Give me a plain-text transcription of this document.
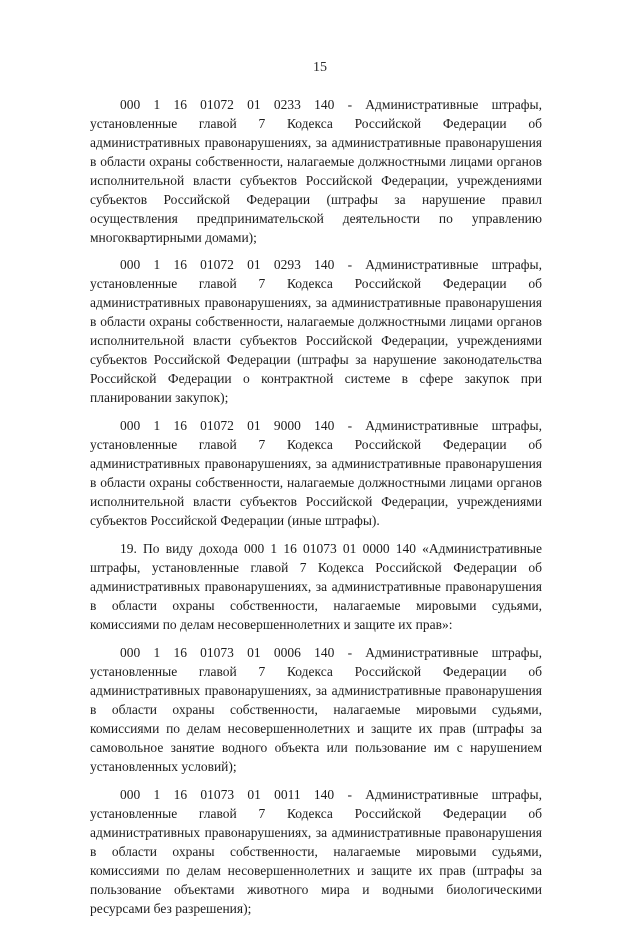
15

000 1 16 01072 01 0233 140 - Административные штрафы, установленные главой 7 Кодекса Российской Федерации об административных правонарушениях, за административные правонарушения в области охраны собственности, налагаемые должностными лицами органов исполнительной власти субъектов Российской Федерации, учреждениями субъектов Российской Федерации (штрафы за нарушение правил осуществления предпринимательской деятельности по управлению многоквартирными домами);

000 1 16 01072 01 0293 140 - Административные штрафы, установленные главой 7 Кодекса Российской Федерации об административных правонарушениях, за административные правонарушения в области охраны собственности, налагаемые должностными лицами органов исполнительной власти субъектов Российской Федерации, учреждениями субъектов Российской Федерации (штрафы за нарушение законодательства Российской Федерации о контрактной системе в сфере закупок при планировании закупок);

000 1 16 01072 01 9000 140 - Административные штрафы, установленные главой 7 Кодекса Российской Федерации об административных правонарушениях, за административные правонарушения в области охраны собственности, налагаемые должностными лицами органов исполнительной власти субъектов Российской Федерации, учреждениями субъектов Российской Федерации (иные штрафы).

19. По виду дохода 000 1 16 01073 01 0000 140 «Административные штрафы, установленные главой 7 Кодекса Российской Федерации об административных правонарушениях, за административные правонарушения в области охраны собственности, налагаемые мировыми судьями, комиссиями по делам несовершеннолетних и защите их прав»:

000 1 16 01073 01 0006 140 - Административные штрафы, установленные главой 7 Кодекса Российской Федерации об административных правонарушениях, за административные правонарушения в области охраны собственности, налагаемые мировыми судьями, комиссиями по делам несовершеннолетних и защите их прав (штрафы за самовольное занятие водного объекта или пользование им с нарушением установленных условий);

000 1 16 01073 01 0011 140 - Административные штрафы, установленные главой 7 Кодекса Российской Федерации об административных правонарушениях, за административные правонарушения в области охраны собственности, налагаемые мировыми судьями, комиссиями по делам несовершеннолетних и защите их прав (штрафы за пользование объектами животного мира и водными биологическими ресурсами без разрешения);
